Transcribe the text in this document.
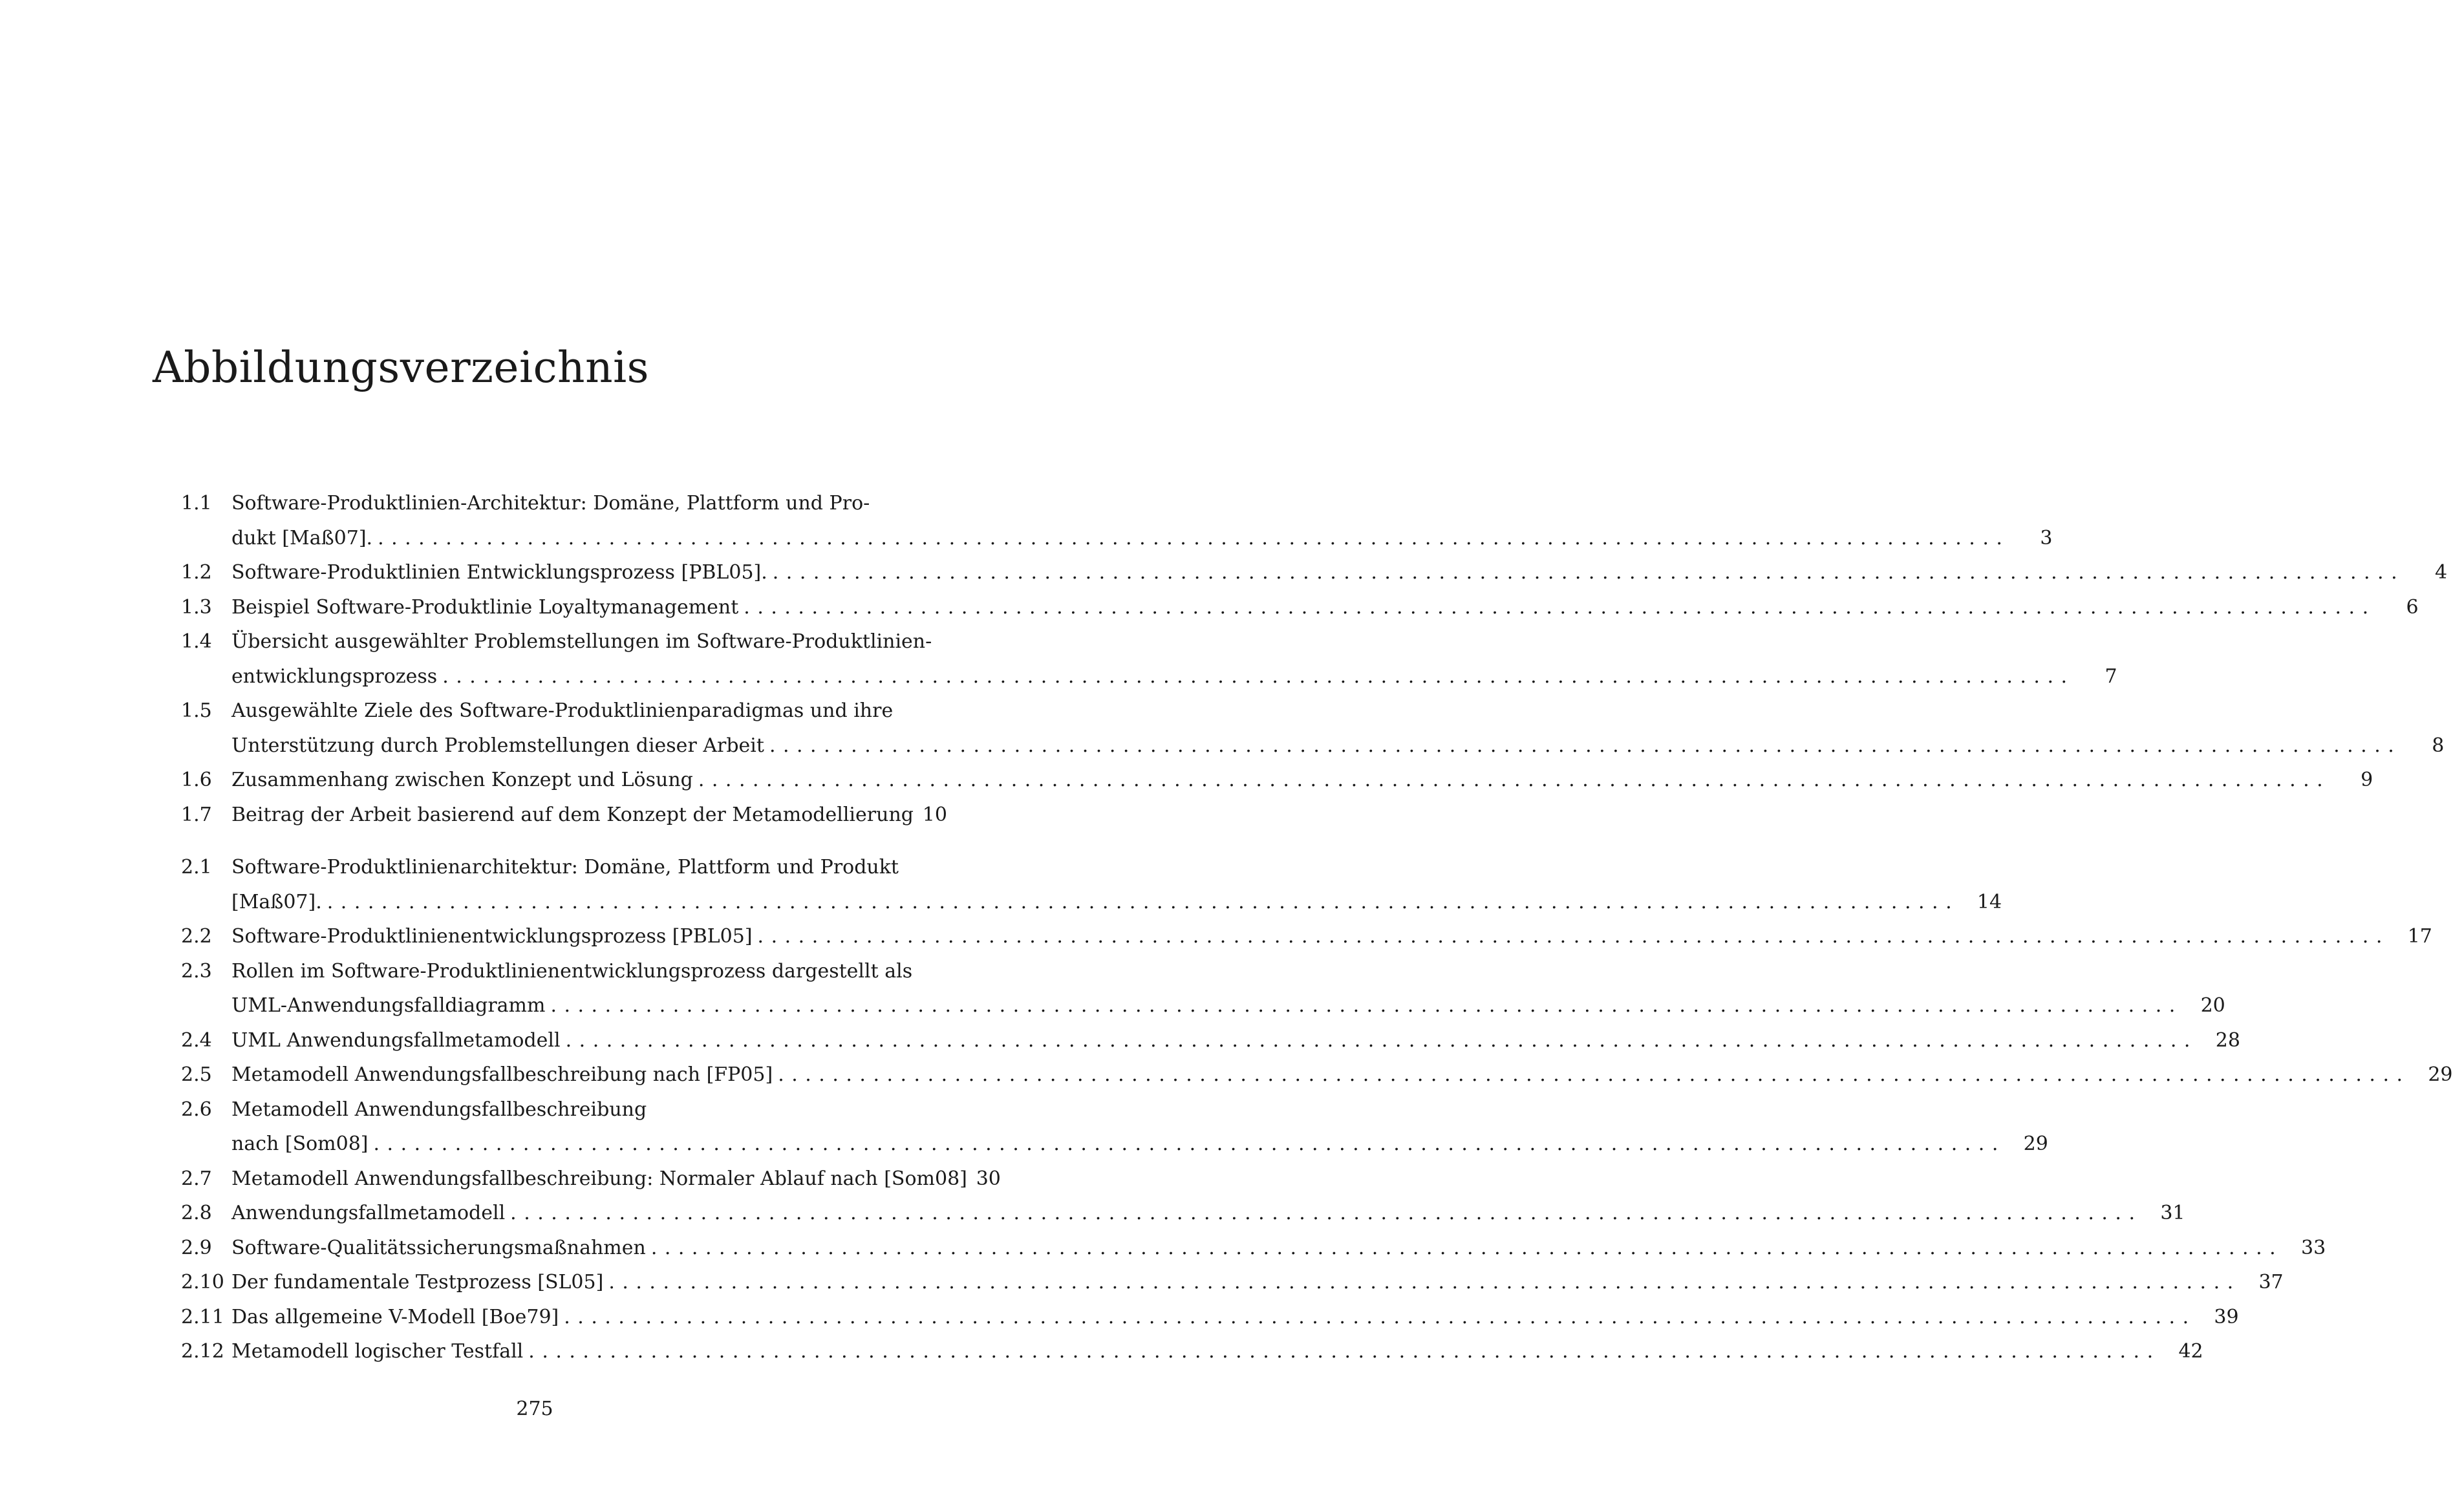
Abbildungsverzeichnis
1.1 Software-Produktlinien-Architektur: Domäne, Plattform und Pro-
dukt [Maß07]. ........................................................................................................................	3
1.2 Software-Produktlinien Entwicklungsprozess [PBL05]. ........................................................................................................................	4
1.3 Beispiel Software-Produktlinie Loyaltymanagement ........................................................................................................................	6
1.4 Übersicht ausgewählter Problemstellungen im Software-Produktlinien-
entwicklungsprozess ........................................................................................................................	7
1.5 Ausgewählte Ziele des Software-Produktlinienparadigmas und ihre
Unterstützung durch Problemstellungen dieser Arbeit ........................................................................................................................	8
1.6 Zusammenhang zwischen Konzept und Lösung ........................................................................................................................	9
1.7 Beitrag der Arbeit basierend auf dem Konzept der Metamodellierung 10
2.1 Software-Produktlinienarchitektur: Domäne, Plattform und Produkt
[Maß07]. ........................................................................................................................ 14
2.2 Software-Produktlinienentwicklungsprozess [PBL05] ........................................................................................................................ 17
2.3 Rollen im Software-Produktlinienentwicklungsprozess dargestellt als
UML-Anwendungsfalldiagramm ........................................................................................................................ 20
2.4 UML Anwendungsfallmetamodell ........................................................................................................................ 28
2.5 Metamodell Anwendungsfallbeschreibung nach [FP05] ........................................................................................................................ 29
2.6 Metamodell Anwendungsfallbeschreibung
nach [Som08] ........................................................................................................................ 29
2.7 Metamodell Anwendungsfallbeschreibung: Normaler Ablauf nach [Som08] 30
2.8 Anwendungsfallmetamodell ........................................................................................................................ 31
2.9 Software-Qualitätssicherungsmaßnahmen ........................................................................................................................ 33
2.10 Der fundamentale Testprozess [SL05] ........................................................................................................................ 37
2.11 Das allgemeine V-Modell [Boe79] ........................................................................................................................ 39
2.12 Metamodell logischer Testfall ........................................................................................................................ 42
275
